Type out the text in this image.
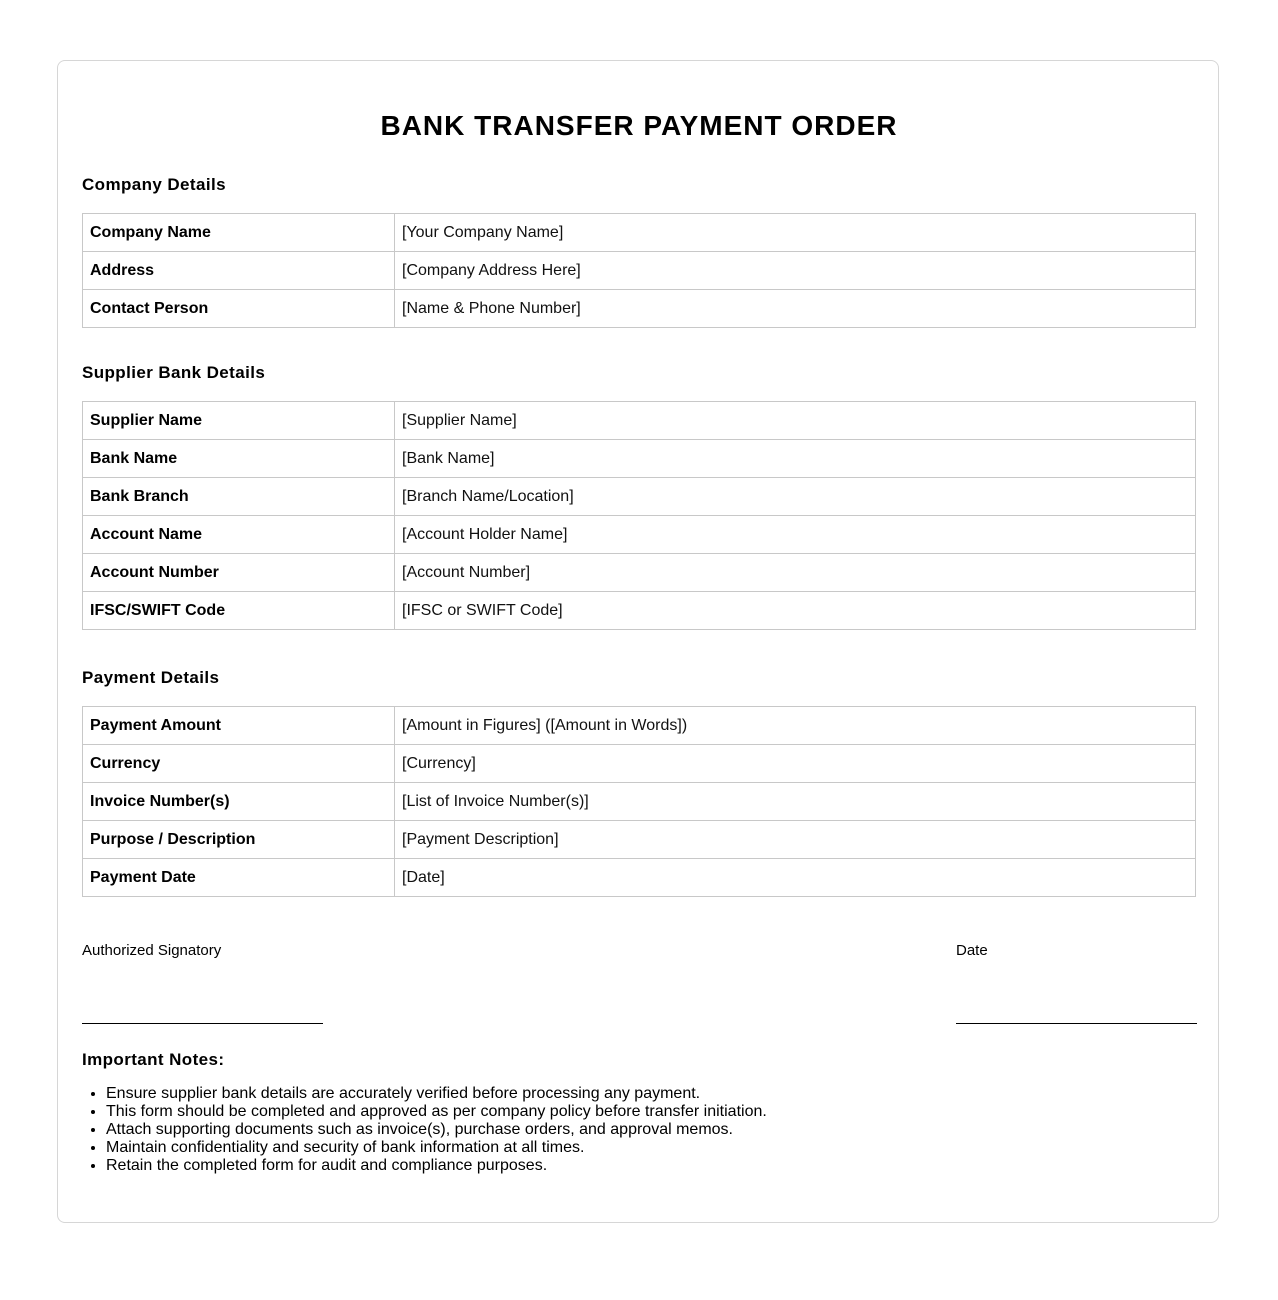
BANK TRANSFER PAYMENT ORDER
Company Details
Company Name	[Your Company Name]
Address	[Company Address Here]
Contact Person	[Name & Phone Number]
Supplier Bank Details
Supplier Name	[Supplier Name]
Bank Name	[Bank Name]
Bank Branch	[Branch Name/Location]
Account Name	[Account Holder Name]
Account Number	[Account Number]
IFSC/SWIFT Code	[IFSC or SWIFT Code]
Payment Details
Payment Amount	[Amount in Figures] ([Amount in Words])
Currency	[Currency]
Invoice Number(s)	[List of Invoice Number(s)]
Purpose / Description	[Payment Description]
Payment Date	[Date]
Authorized Signatory	Date
Important Notes:
• Ensure supplier bank details are accurately verified before processing any payment.
• This form should be completed and approved as per company policy before transfer initiation.
• Attach supporting documents such as invoice(s), purchase orders, and approval memos.
• Maintain confidentiality and security of bank information at all times.
• Retain the completed form for audit and compliance purposes.
